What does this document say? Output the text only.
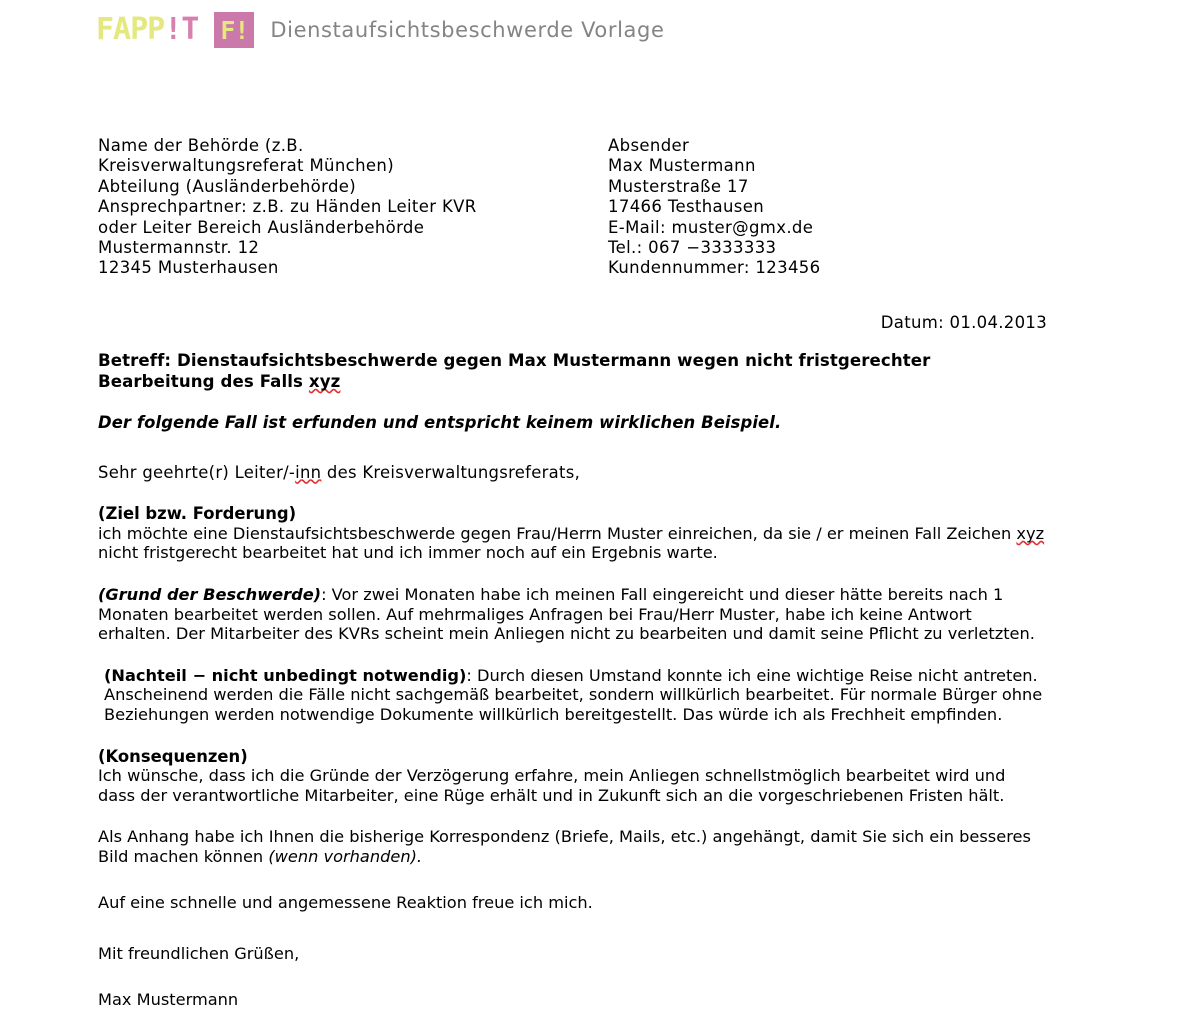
FAPP!T F! Dienstaufsichtsbeschwerde Vorlage
Name der Behörde (z.B.
Kreisverwaltungsreferat München)
Abteilung (Ausländerbehörde)
Ansprechpartner: z.B. zu Händen Leiter KVR
oder Leiter Bereich Ausländerbehörde
Mustermannstr. 12
12345 Musterhausen
Absender
Max Mustermann
Musterstraße 17
17466 Testhausen
E-Mail: muster@gmx.de
Tel.: 067 −3333333
Kundennummer: 123456
Datum: 01.04.2013
Betreff: Dienstaufsichtsbeschwerde gegen Max Mustermann wegen nicht fristgerechter Bearbeitung des Falls xyz
Der folgende Fall ist erfunden und entspricht keinem wirklichen Beispiel.
Sehr geehrte(r) Leiter/-inn des Kreisverwaltungsreferats,
(Ziel bzw. Forderung)
ich möchte eine Dienstaufsichtsbeschwerde gegen Frau/Herrn Muster einreichen, da sie / er meinen Fall Zeichen xyz nicht fristgerecht bearbeitet hat und ich immer noch auf ein Ergebnis warte.
(Grund der Beschwerde): Vor zwei Monaten habe ich meinen Fall eingereicht und dieser hätte bereits nach 1 Monaten bearbeitet werden sollen. Auf mehrmaliges Anfragen bei Frau/Herr Muster, habe ich keine Antwort erhalten. Der Mitarbeiter des KVRs scheint mein Anliegen nicht zu bearbeiten und damit seine Pflicht zu verletzten.
(Nachteil − nicht unbedingt notwendig): Durch diesen Umstand konnte ich eine wichtige Reise nicht antreten. Anscheinend werden die Fälle nicht sachgemäß bearbeitet, sondern willkürlich bearbeitet. Für normale Bürger ohne Beziehungen werden notwendige Dokumente willkürlich bereitgestellt. Das würde ich als Frechheit empfinden.
(Konsequenzen)
Ich wünsche, dass ich die Gründe der Verzögerung erfahre, mein Anliegen schnellstmöglich bearbeitet wird und dass der verantwortliche Mitarbeiter, eine Rüge erhält und in Zukunft sich an die vorgeschriebenen Fristen hält.
Als Anhang habe ich Ihnen die bisherige Korrespondenz (Briefe, Mails, etc.) angehängt, damit Sie sich ein besseres Bild machen können (wenn vorhanden).
Auf eine schnelle und angemessene Reaktion freue ich mich.
Mit freundlichen Grüßen,
Max Mustermann
